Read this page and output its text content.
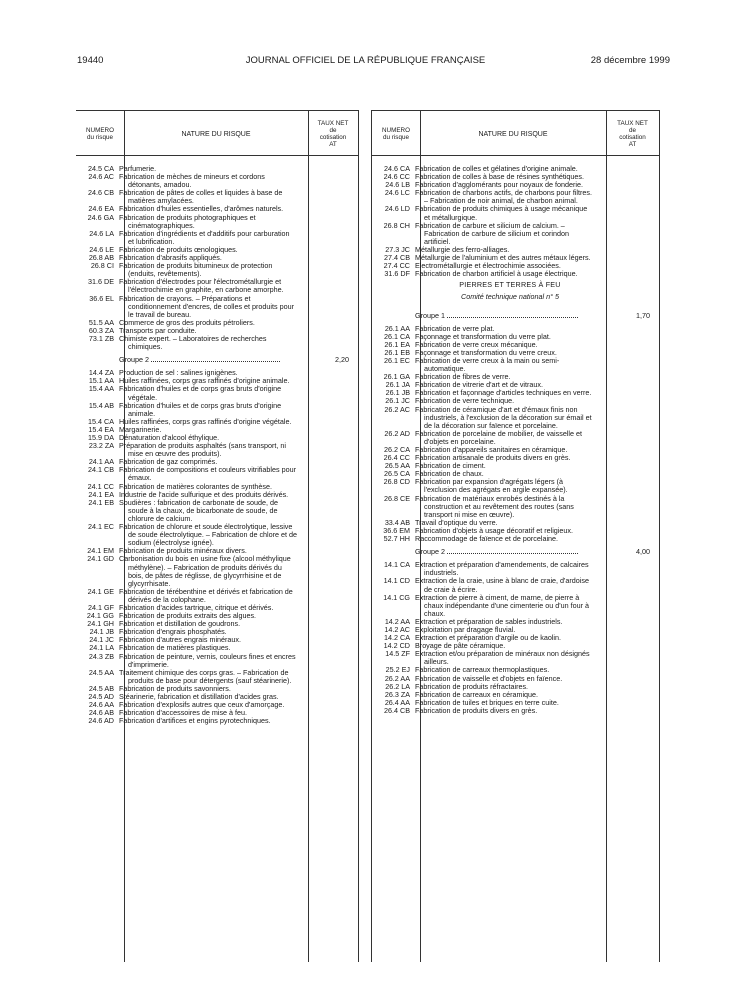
19440	JOURNAL OFFICIEL DE LA RÉPUBLIQUE FRANÇAISE	28 décembre 1999
NUMERO
du risque	NATURE DU RISQUE
TAUX NET
de
cotisation
AT
24.5 CA Parfumerie.
24.6 AC Fabrication de mèches de mineurs et cordons détonants, amadou.
24.6 CB Fabrication de pâtes de colles et liquides à base de matières amylacées.
24.6 EA Fabrication d'huiles essentielles, d'arômes naturels.
24.6 GA Fabrication de produits photographiques et cinématographiques.
24.6 LA Fabrication d'ingrédients et d'additifs pour carburation et lubrification.
24.6 LE Fabrication de produits œnologiques.
26.8 AB Fabrication d'abrasifs appliqués.
26.8 CI Fabrication de produits bitumineux de protection (enduits, revêtements).
31.6 DE Fabrication d'électrodes pour l'électrométallurgie et l'électrochimie en graphite, en carbone amorphe.
36.6 EL Fabrication de crayons. – Préparations et conditionnement d'encres, de colles et produits pour le travail de bureau.
51.5 AA Commerce de gros des produits pétroliers.
60.3 ZA Transports par conduite.
73.1 ZB Chimiste expert. – Laboratoires de recherches chimiques.
Groupe 2	2,20
14.4 ZA Production de sel : salines ignigènes.
15.1 AA Huiles raffinées, corps gras raffinés d'origine animale.
15.4 AA Fabrication d'huiles et de corps gras bruts d'origine végétale.
15.4 AB Fabrication d'huiles et de corps gras bruts d'origine animale.
15.4 CA Huiles raffinées, corps gras raffinés d'origine végétale.
15.4 EA Margarinerie.
15.9 DA Dénaturation d'alcool éthylique.
23.2 ZA Préparation de produits asphaltés (sans transport, ni mise en œuvre des produits).
24.1 AA Fabrication de gaz comprimés.
24.1 CB Fabrication de compositions et couleurs vitrifiables pour émaux.
24.1 CC Fabrication de matières colorantes de synthèse.
24.1 EA Industrie de l'acide sulfurique et des produits dérivés.
24.1 EB Soudières : fabrication de carbonate de soude, de soude à la chaux, de bicarbonate de soude, de chlorure de calcium.
24.1 EC Fabrication de chlorure et soude électrolytique, lessive de soude électrolytique. – Fabrication de chlore et de sodium (électrolyse ignée).
24.1 EM Fabrication de produits minéraux divers.
24.1 GD Carbonisation du bois en usine fixe (alcool méthylique méthylène). – Fabrication de produits dérivés du bois, de pâtes de réglisse, de glycyrrhisine et de glycyrrhisate.
24.1 GE Fabrication de térébenthine et dérivés et fabrication de dérivés de la colophane.
24.1 GF Fabrication d'acides tartrique, citrique et dérivés.
24.1 GG Fabrication de produits extraits des algues.
24.1 GH Fabrication et distillation de goudrons.
24.1 JB Fabrication d'engrais phosphatés.
24.1 JC Fabrication d'autres engrais minéraux.
24.1 LA Fabrication de matières plastiques.
24.3 ZB Fabrication de peinture, vernis, couleurs fines et encres d'imprimerie.
24.5 AA Traitement chimique des corps gras. – Fabrication de produits de base pour détergents (sauf stéarinerie).
24.5 AB Fabrication de produits savonniers.
24.5 AD Stéarinerie, fabrication et distillation d'acides gras.
24.6 AA Fabrication d'explosifs autres que ceux d'amorçage.
24.6 AB Fabrication d'accessoires de mise à feu.
24.6 AD Fabrication d'artifices et engins pyrotechniques.
NUMERO
du risque	NATURE DU RISQUE
TAUX NET
de
cotisation
AT
24.6 CA Fabrication de colles et gélatines d'origine animale.
24.6 CC Fabrication de colles à base de résines synthétiques.
24.6 LB Fabrication d'agglomérants pour noyaux de fonderie.
24.6 LC Fabrication de charbons actifs, de charbons pour filtres. – Fabrication de noir animal, de charbon animal.
24.6 LD Fabrication de produits chimiques à usage mécanique et métallurgique.
26.8 CH Fabrication de carbure et silicium de calcium. – Fabrication de carbure de silicium et corindon artificiel.
27.3 JC Métallurgie des ferro-alliages.
27.4 CB Métallurgie de l'aluminium et des autres métaux légers.
27.4 CC Electrométallurgie et électrochimie associées.
31.6 DF Fabrication de charbon artificiel à usage électrique.
PIERRES ET TERRES À FEU
Comité technique national n° 5
Groupe 1	1,70
26.1 AA Fabrication de verre plat.
26.1 CA Façonnage et transformation du verre plat.
26.1 EA Fabrication de verre creux mécanique.
26.1 EB Façonnage et transformation du verre creux.
26.1 EC Fabrication de verre creux à la main ou semi-automatique.
26.1 GA Fabrication de fibres de verre.
26.1 JA Fabrication de vitrerie d'art et de vitraux.
26.1 JB Fabrication et façonnage d'articles techniques en verre.
26.1 JC Fabrication de verre technique.
26.2 AC Fabrication de céramique d'art et d'émaux finis non industriels, à l'exclusion de la décoration sur émail et de la décoration sur faïence et porcelaine.
26.2 AD Fabrication de porcelaine de mobilier, de vaisselle et d'objets en porcelaine.
26.2 CA Fabrication d'appareils sanitaires en céramique.
26.4 CC Fabrication artisanale de produits divers en grès.
26.5 AA Fabrication de ciment.
26.5 CA Fabrication de chaux.
26.8 CD Fabrication par expansion d'agrégats légers (à l'exclusion des agrégats en argile expansée).
26.8 CE Fabrication de matériaux enrobés destinés à la construction et au revêtement des routes (sans transport ni mise en œuvre).
33.4 AB Travail d'optique du verre.
36.6 EM Fabrication d'objets à usage décoratif et religieux.
52.7 HH Raccommodage de faïence et de porcelaine.
Groupe 2	4,00
14.1 CA Extraction et préparation d'amendements, de calcaires industriels.
14.1 CD Extraction de la craie, usine à blanc de craie, d'ardoise de craie à écrire.
14.1 CG Extraction de pierre à ciment, de marne, de pierre à chaux indépendante d'une cimenterie ou d'un four à chaux.
14.2 AA Extraction et préparation de sables industriels.
14.2 AC Exploitation par dragage fluvial.
14.2 CA Extraction et préparation d'argile ou de kaolin.
14.2 CD Broyage de pâte céramique.
14.5 ZF Extraction et/ou préparation de minéraux non désignés ailleurs.
25.2 EJ Fabrication de carreaux thermoplastiques.
26.2 AA Fabrication de vaisselle et d'objets en faïence.
26.2 LA Fabrication de produits réfractaires.
26.3 ZA Fabrication de carreaux en céramique.
26.4 AA Fabrication de tuiles et briques en terre cuite.
26.4 CB Fabrication de produits divers en grès.
